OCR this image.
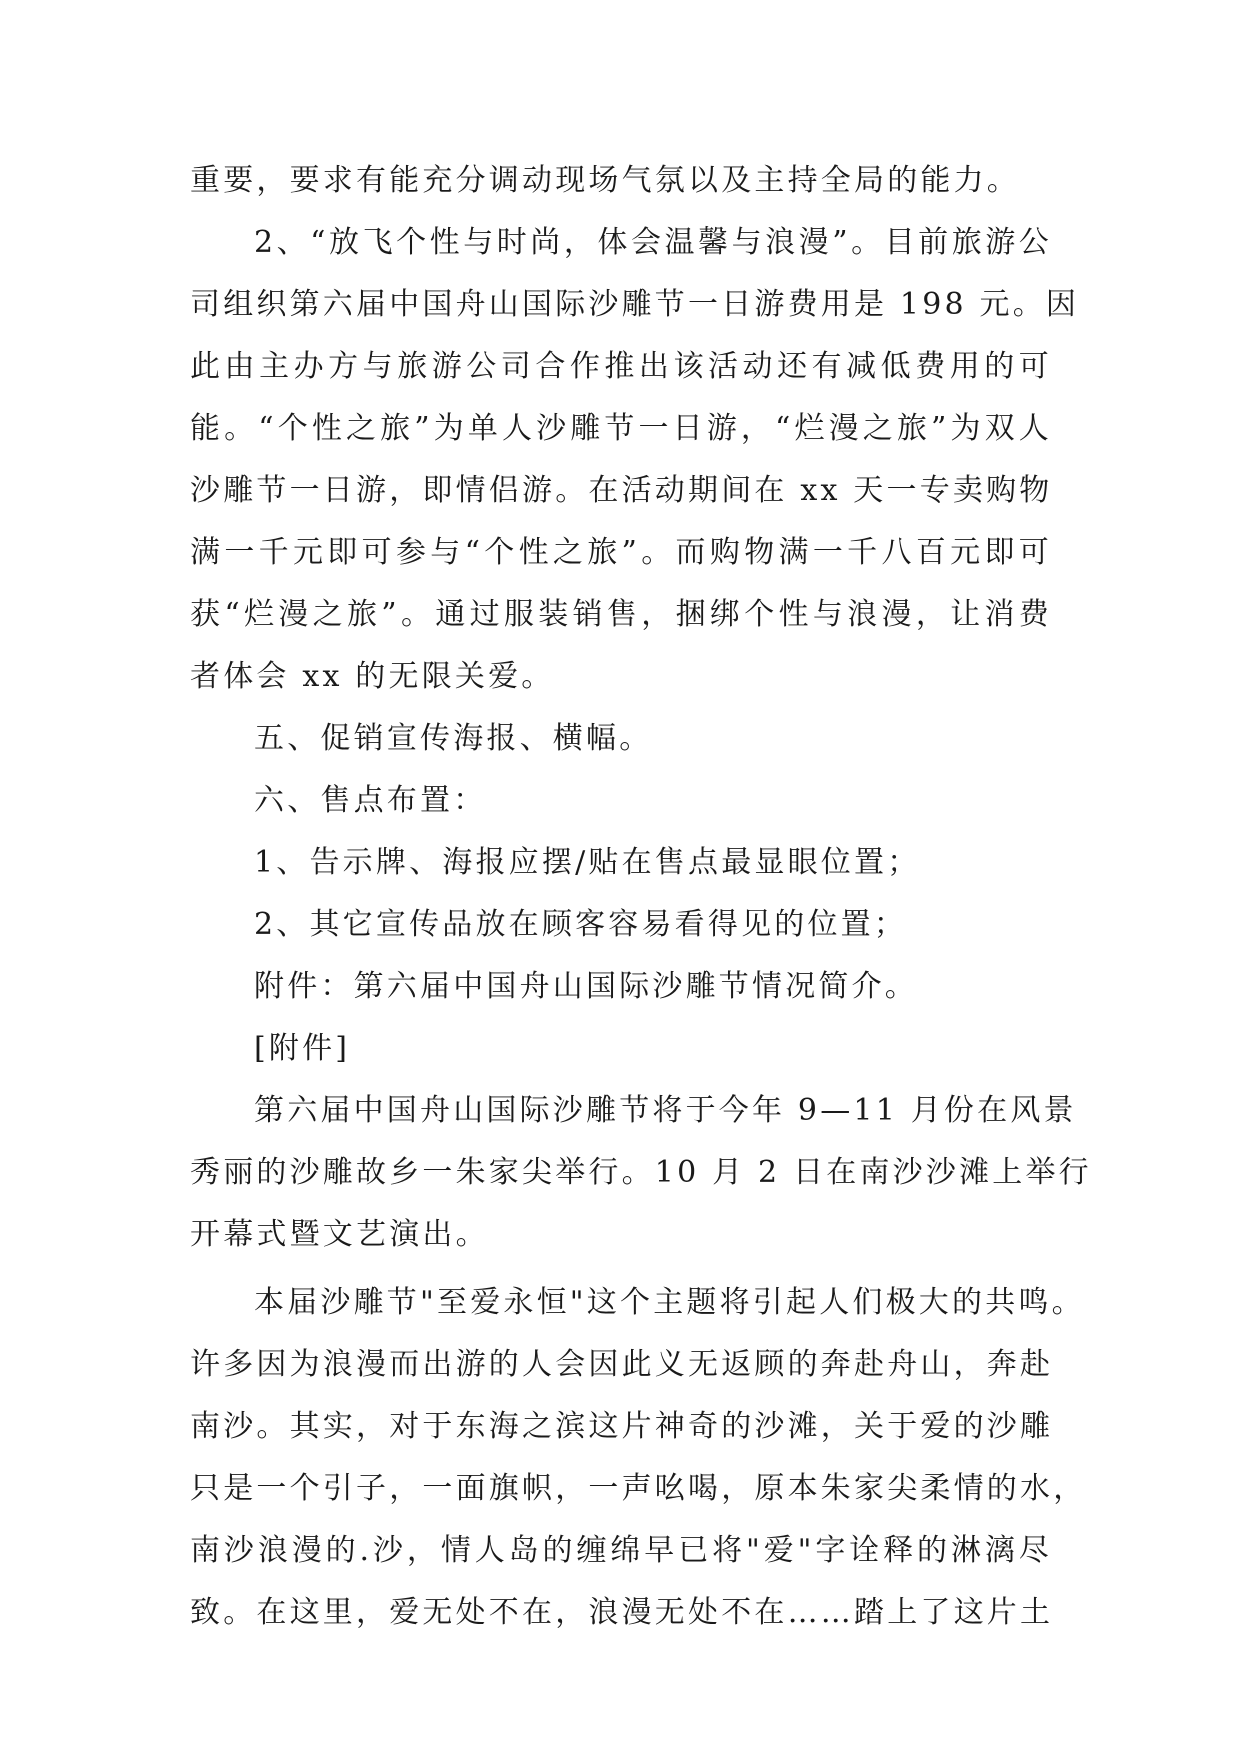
重要，要求有能充分调动现场气氛以及主持全局的能力。
2、“放飞个性与时尚，体会温馨与浪漫”。目前旅游公
司组织第六届中国舟山国际沙雕节一日游费用是 198 元。因
此由主办方与旅游公司合作推出该活动还有减低费用的可
能。“个性之旅”为单人沙雕节一日游，“烂漫之旅”为双人
沙雕节一日游，即情侣游。在活动期间在 xx 天一专卖购物
满一千元即可参与“个性之旅”。而购物满一千八百元即可
获“烂漫之旅”。通过服装销售，捆绑个性与浪漫，让消费
者体会 xx 的无限关爱。
五、促销宣传海报、横幅。
六、售点布置：
1、告示牌、海报应摆/贴在售点最显眼位置；
2、其它宣传品放在顾客容易看得见的位置；
附件：第六届中国舟山国际沙雕节情况简介。
[附件]
第六届中国舟山国际沙雕节将于今年 9—11 月份在风景
秀丽的沙雕故乡一朱家尖举行。10 月 2 日在南沙沙滩上举行
开幕式暨文艺演出。
本届沙雕节"至爱永恒"这个主题将引起人们极大的共鸣。
许多因为浪漫而出游的人会因此义无返顾的奔赴舟山，奔赴
南沙。其实，对于东海之滨这片神奇的沙滩，关于爱的沙雕
只是一个引子，一面旗帜，一声吆喝，原本朱家尖柔情的水，
南沙浪漫的.沙，情人岛的缠绵早已将"爱"字诠释的淋漓尽
致。在这里，爱无处不在，浪漫无处不在……踏上了这片土
